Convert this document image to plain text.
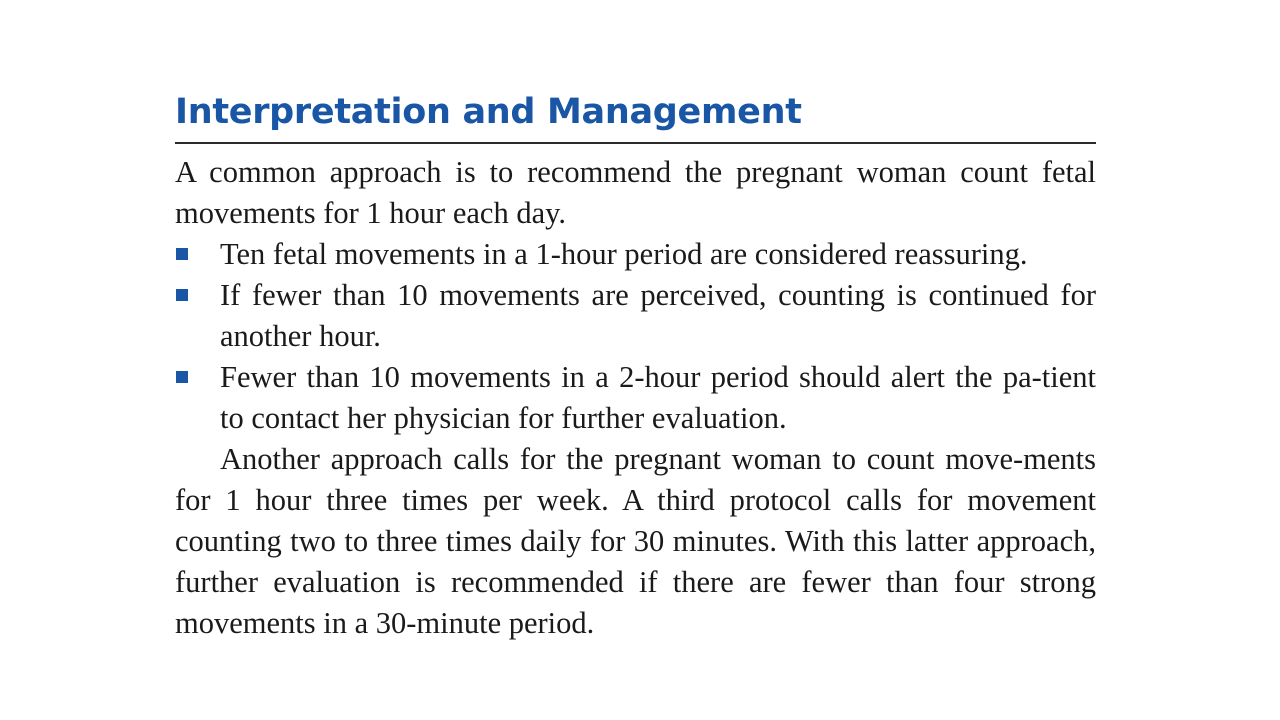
Interpretation and Management

A common approach is to recommend the pregnant woman count fetal movements for 1 hour each day.

Ten fetal movements in a 1-hour period are considered reassuring.
If fewer than 10 movements are perceived, counting is continued for another hour.
Fewer than 10 movements in a 2-hour period should alert the pa-tient to contact her physician for further evaluation.

Another approach calls for the pregnant woman to count move-ments for 1 hour three times per week. A third protocol calls for movement counting two to three times daily for 30 minutes. With this latter approach, further evaluation is recommended if there are fewer than four strong movements in a 30-minute period.
